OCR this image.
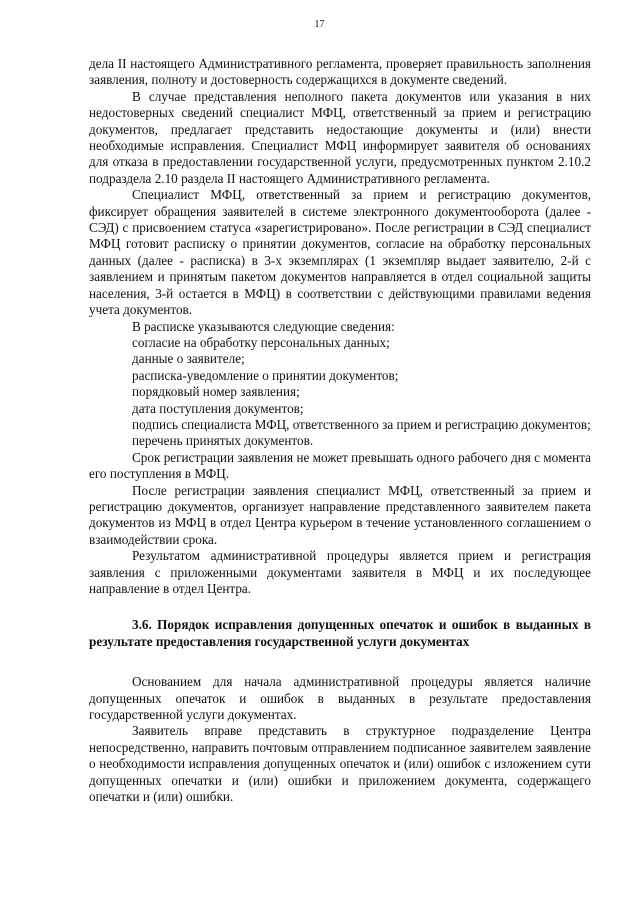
17

дела II настоящего Административного регламента, проверяет правильность заполнения заявления, полноту и достоверность содержащихся в документе сведений.

В случае представления неполного пакета документов или указания в них недостоверных сведений специалист МФЦ, ответственный за прием и регистрацию документов, предлагает представить недостающие документы и (или) внести необходимые исправления. Специалист МФЦ информирует заявителя об основаниях для отказа в предоставлении государственной услуги, предусмотренных пунктом 2.10.2 подраздела 2.10 раздела II настоящего Административного регламента.

Специалист МФЦ, ответственный за прием и регистрацию документов, фиксирует обращения заявителей в системе электронного документооборота (далее - СЭД) с присвоением статуса «зарегистрировано». После регистрации в СЭД специалист МФЦ готовит расписку о принятии документов, согласие на обработку персональных данных (далее - расписка) в 3-х экземплярах (1 экземпляр выдает заявителю, 2-й с заявлением и принятым пакетом документов направляется в отдел социальной защиты населения, 3-й остается в МФЦ) в соответствии с действующими правилами ведения учета документов.

В расписке указываются следующие сведения:

согласие на обработку персональных данных;

данные о заявителе;

расписка-уведомление о принятии документов;

порядковый номер заявления;

дата поступления документов;

подпись специалиста МФЦ, ответственного за прием и регистрацию документов;

перечень принятых документов.

Срок регистрации заявления не может превышать одного рабочего дня с момента его поступления в МФЦ.

После регистрации заявления специалист МФЦ, ответственный за прием и регистрацию документов, организует направление представленного заявителем пакета документов из МФЦ в отдел Центра курьером в течение установленного соглашением о взаимодействии срока.

Результатом административной процедуры является прием и регистрация заявления с приложенными документами заявителя в МФЦ и их последующее направление в отдел Центра.

3.6. Порядок исправления допущенных опечаток и ошибок в выданных в результате предоставления государственной услуги документах

Основанием для начала административной процедуры является наличие допущенных опечаток и ошибок в выданных в результате предоставления государственной услуги документах.

Заявитель вправе представить в структурное подразделение Центра непосредственно, направить почтовым отправлением подписанное заявителем заявление о необходимости исправления допущенных опечаток и (или) ошибок с изложением сути допущенных опечатки и (или) ошибки и приложением документа, содержащего опечатки и (или) ошибки.
